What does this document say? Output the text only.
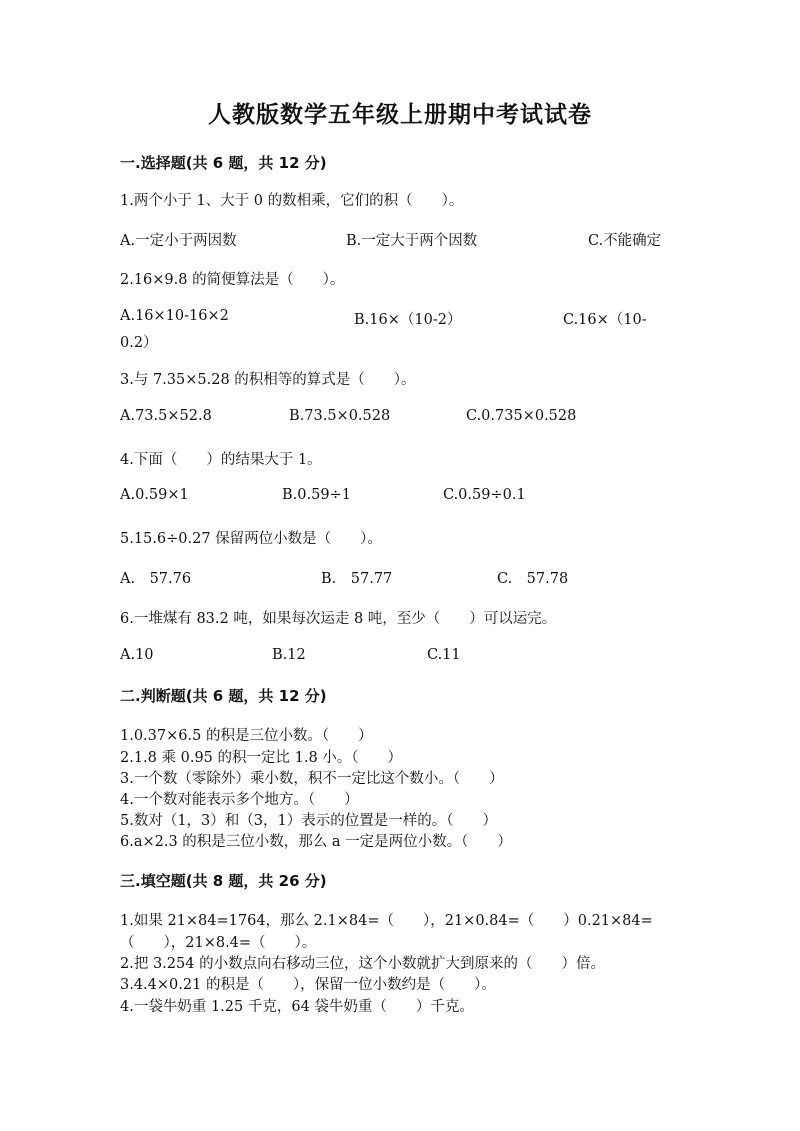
人教版数学五年级上册期中考试试卷
一.选择题(共 6 题，共 12 分)
1.两个小于 1、大于 0 的数相乘，它们的积（　　）。
A.一定小于两因数	B.一定大于两个因数	C.不能确定
2.16×9.8 的简便算法是（　　）。
A.16×10-16×2	B.16×（10-2）	C.16×（10-
0.2）
3.与 7.35×5.28 的积相等的算式是（　　）。
A.73.5×52.8	B.73.5×0.528	C.0.735×0.528
4.下面（　　）的结果大于 1。
A.0.59×1	B.0.59÷1	C.0.59÷0.1
5.15.6÷0.27 保留两位小数是（　　）。
A.　57.76	B.　57.77	C.　57.78
6.一堆煤有 83.2 吨，如果每次运走 8 吨，至少（　　）可以运完。
A.10	B.12	C.11
二.判断题(共 6 题，共 12 分)
1.0.37×6.5 的积是三位小数。（　　）
2.1.8 乘 0.95 的积一定比 1.8 小。（　　）
3.一个数（零除外）乘小数，积不一定比这个数小。（　　）
4.一个数对能表示多个地方。（　　）
5.数对（1，3）和（3，1）表示的位置是一样的。（　　）
6.a×2.3 的积是三位小数，那么 a 一定是两位小数。（　　）
三.填空题(共 8 题，共 26 分)
1.如果 21×84=1764，那么 2.1×84=（　　），21×0.84=（　　）0.21×84=
（　　），21×8.4=（　　）。
2.把 3.254 的小数点向右移动三位，这个小数就扩大到原来的（　　）倍。
3.4.4×0.21 的积是（　　），保留一位小数约是（　　）。
4.一袋牛奶重 1.25 千克，64 袋牛奶重（　　）千克。
